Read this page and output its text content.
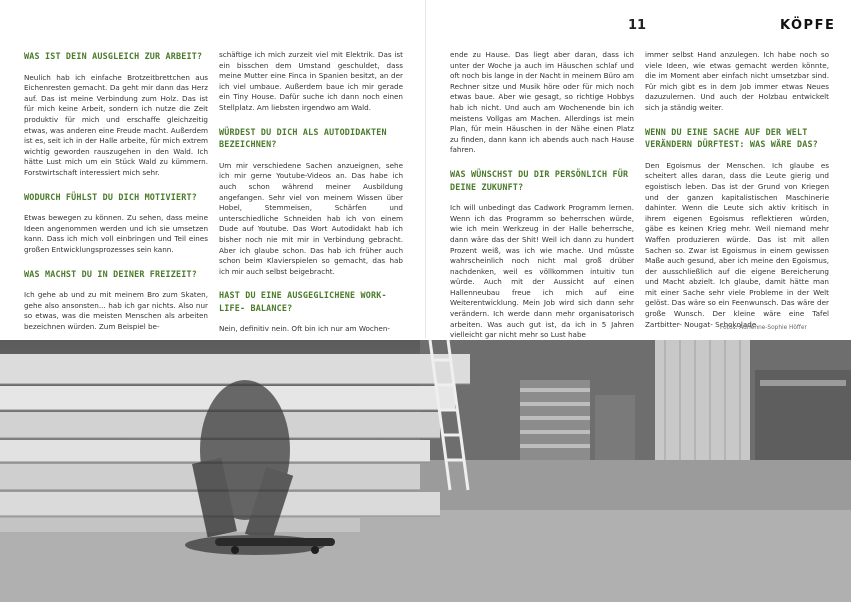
11	KÖPFE
WAS IST DEIN AUSGLEICH ZUR ARBEIT?

Neulich hab ich einfache Brotzeitbrettchen aus Eichenresten gemacht. Da geht mir dann das Herz auf. Das ist meine Verbindung zum Holz. Das ist für mich keine Arbeit, sondern ich nutze die Zeit produktiv für mich und erschaffe gleichzeitig etwas, was anderen eine Freude macht. Außerdem ist es, seit ich in der Halle arbeite, für mich extrem wichtig geworden rauszugehen in den Wald. Ich hätte Lust mich um ein Stück Wald zu kümmern. Forstwirtschaft interessiert mich sehr.

WODURCH FÜHLST DU DICH MOTIVIERT?

Etwas bewegen zu können. Zu sehen, dass meine Ideen angenommen werden und ich sie umsetzen kann. Dass ich mich voll einbringen und Teil eines großen Entwicklungsprozesses sein kann.

WAS MACHST DU IN DEINER FREIZEIT?

Ich gehe ab und zu mit meinem Bro zum Skaten, gehe also ansonsten... hab ich gar nichts. Also nur so etwas, was die meisten Menschen als arbeiten bezeichnen würden. Zum Beispiel be-

schäftige ich mich zurzeit viel mit Elektrik. Das ist ein bisschen dem Umstand geschuldet, dass meine Mutter eine Finca in Spanien besitzt, an der ich viel umbaue. Außerdem baue ich mir gerade ein Tiny House. Dafür suche ich dann noch einen Stellplatz. Am liebsten irgendwo am Wald.

WÜRDEST DU DICH ALS AUTODIDAKTEN BEZEICHNEN?

Um mir verschiedene Sachen anzueignen, sehe ich mir gerne Youtube-Videos an. Das habe ich auch schon während meiner Ausbildung angefangen. Sehr viel von meinem Wissen über Hobel, Stemmeisen, Schärfen und unterschiedliche Schneiden hab ich von einem Dude auf Youtube. Das Wort Autodidakt hab ich bisher noch nie mit mir in Verbindung gebracht. Aber ich glaube schon. Das hab ich früher auch schon beim Klavierspielen so gemacht, das hab ich mir auch selbst beigebracht.

HAST DU EINE AUSGEGLICHENE WORK- LIFE- BALANCE?

Nein, definitiv nein. Oft bin ich nur am Wochen-

ende zu Hause. Das liegt aber daran, dass ich unter der Woche ja auch im Häuschen schlaf und oft noch bis lange in der Nacht in meinem Büro am Rechner sitze und Musik höre oder für mich noch etwas baue. Aber wie gesagt, so richtige Hobbys hab ich nicht. Und auch am Wochenende bin ich meistens Vollgas am Machen. Allerdings ist mein Plan, für mein Häuschen in der Nähe einen Platz zu finden, dann kann ich abends auch nach Hause fahren.

WAS WÜNSCHST DU DIR PERSÖNLICH FÜR DEINE ZUKUNFT?

Ich will unbedingt das Cadwork Programm lernen. Wenn ich das Programm so beherrschen würde, wie ich mein Werkzeug in der Halle beherrsche, dann wäre das der Shit! Weil ich dann zu hundert Prozent weiß, was ich wie mache. Und müsste wahrscheinlich noch nicht mal groß drüber nachdenken, weil es völlkommen intuitiv tun würde. Auch mit der Aussicht auf einen Hallenneubau freue ich mich auf eine Weiterentwicklung. Mein Job wird sich dann sehr verändern. Ich werde dann mehr organisatorisch arbeiten. Was auch gut ist, da ich in 5 Jahren vielleicht gar nicht mehr so Lust habe

immer selbst Hand anzulegen. Ich habe noch so viele Ideen, wie etwas gemacht werden könnte, die im Moment aber einfach nicht umsetzbar sind. Für mich gibt es in dem Job immer etwas Neues dazuzulernen. Und auch der Holzbau entwickelt sich ja ständig weiter.

WENN DU EINE SACHE AUF DER WELT VERÄNDERN DÜRFTEST: WAS WÄRE DAS?

Den Egoismus der Menschen. Ich glaube es scheitert alles daran, dass die Leute gierig und egoistisch leben. Das ist der Grund von Kriegen und der ganzen kapitalistischen Maschinerie dahinter. Wenn die Leute sich aktiv kritisch in ihrem eigenen Egoismus reflektieren würden, gäbe es keinen Krieg mehr. Weil niemand mehr Waffen produzieren würde. Das ist mit allen Sachen so. Zwar ist Egoismus in einem gewissen Maße auch gesund, aber ich meine den Egoismus, der ausschließlich auf die eigene Bereicherung und Macht abzielt. Ich glaube, damit hätte man mit einer Sache sehr viele Probleme in der Welt gelöst. Das wäre so ein Feenwunsch. Das wäre der große Wunsch. Der kleine wäre eine Tafel Zartbitter- Nougat- Schokolade.

Fotos: Adrienne-Sophie Höffer
